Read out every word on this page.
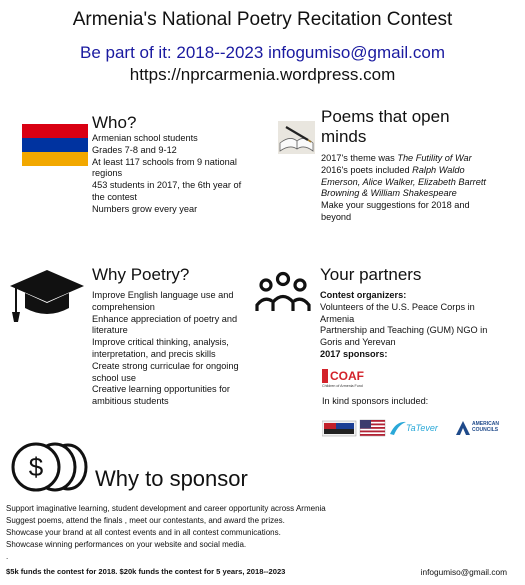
Armenia's National Poetry Recitation Contest
Be part of it: 2018--2023 infogumiso@gmail.com
https://nprcarmenia.wordpress.com
Who?
Armenian school students
Grades 7-8 and 9-12
At least 117 schools from 9 national regions
453 students in 2017, the 6th year of the contest
Numbers grow every year
Poems that open minds
2017's theme was The Futility of War
2016's poets included Ralph Waldo Emerson, Alice Walker, Elizabeth Barrett Browning & William Shakespeare
Make your suggestions for 2018 and beyond
Why Poetry?
Improve English language use and comprehension
Enhance appreciation of poetry and literature
Improve critical thinking, analysis, interpretation, and precis skills
Create strong curriculae for ongoing school use
Creative learning opportunities for ambitious students
Your partners
Contest organizers:
Volunteers of the U.S. Peace Corps in Armenia
Partnership and Teaching (GUM) NGO in Goris and Yerevan
2017 sponsors:
COAF
Children of Armenia Fund
In kind sponsors included:
TaTever	AMERICAN COUNCILS
$ Why to sponsor
Support imaginative learning, student development and career opportunity across Armenia
Suggest poems, attend the finals , meet our contestants, and award the prizes.
Showcase your brand at all contest events and in all contest communications.
Showcase winning performances on your website and social media.
.
$5k funds the contest for 2018. $20k funds the contest for 5 years, 2018--2023	infogumiso@gmail.com
